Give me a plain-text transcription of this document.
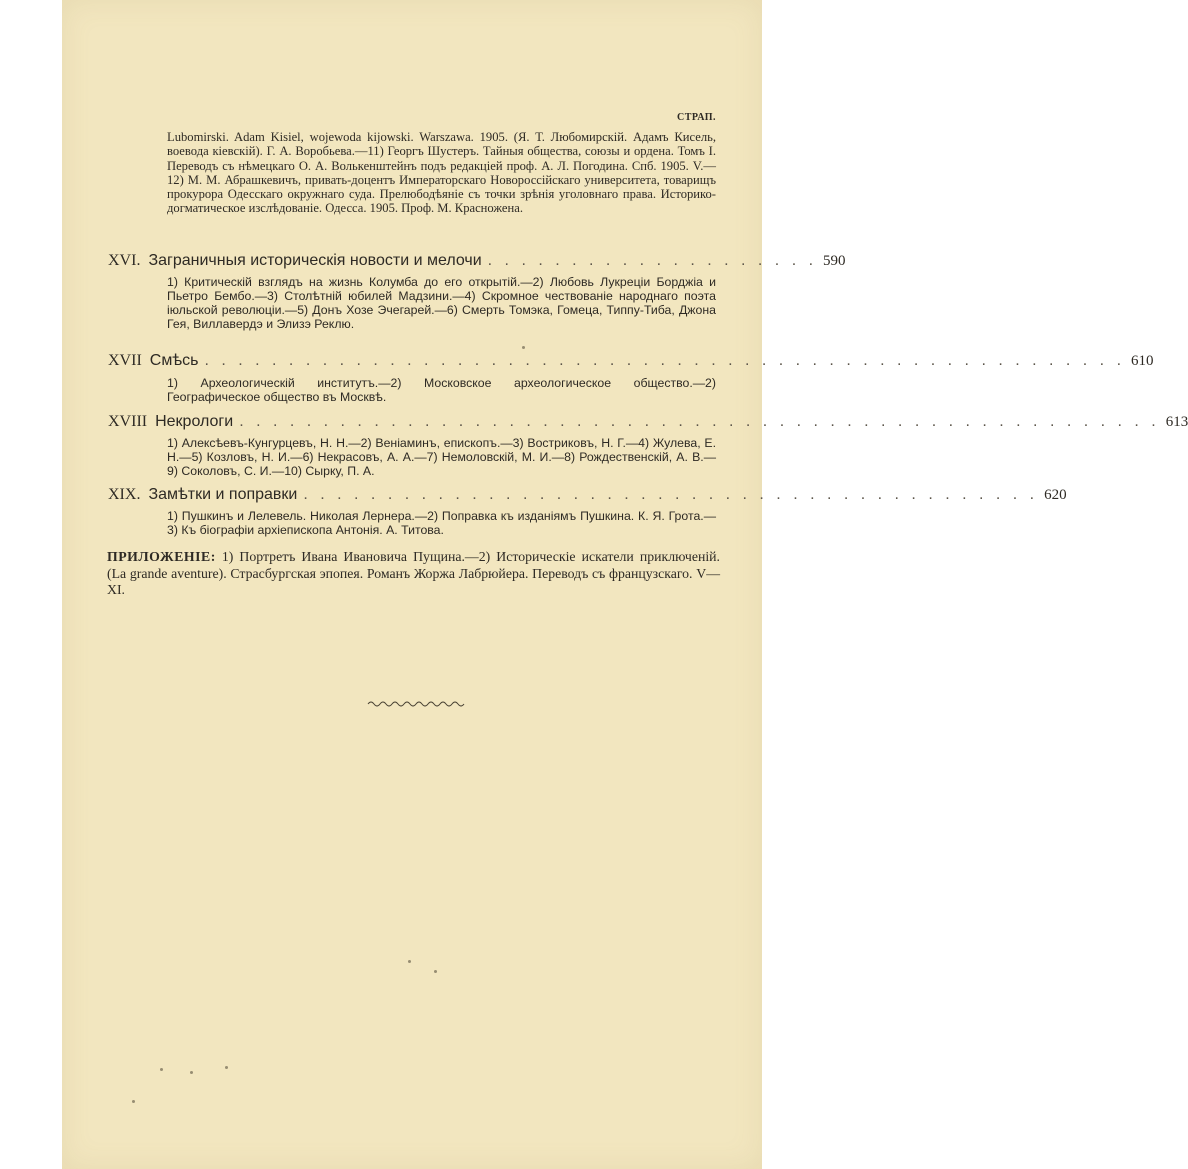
СТРАП.
Lubomirski. Adam Kisiel, wojewoda kijowski. Warszawa. 1905. (Я. Т. Любомирскій. Адамъ Кисель, воевода кіевскій). Г. А. Воробьева.—11) Георгъ Шустеръ. Тайныя общества, союзы и ордена. Томъ I. Переводъ съ нѣмецкаго О. А. Волькенштейнъ подъ редакціей проф. А. Л. Погодина. Спб. 1905. V.—12) М. М. Абрашкевичъ, привать-доцентъ Императорскаго Новороссійскаго университета, товарищъ прокурора Одесскаго окружнаго суда. Прелюбодѣяніе съ точки зрѣнія уголовнаго права. Историко-догматическое изслѣдованіе. Одесса. 1905. Проф. М. Красноженa.
XVI. Заграничныя историческія новости и мелочи . . . . . . . . . . . . . . . . . . . . 590
1) Критическій взглядъ на жизнь Колумба до его открытій.—2) Любовь Лукреціи Борджіа и Пьетро Бембо.—3) Столѣтній юбилей Мадзини.—4) Скромное чествованіе народнаго поэта іюльской революціи.—5) Донъ Хозе Эчегарей.—6) Смерть Томэка, Гомеца, Типпу-Тиба, Джона Гея, Виллавердэ и Элизэ Реклю.
XVII Смѣсь . . . . . . . . . . . . . . . . . . . . . . . . . . . . . . . . . . . . . . . . . . . . . . . . . . . . . . . 610
1) Археологическій институтъ.—2) Московское археологическое общество.—2) Географическое общество въ Москвѣ.
XVIII Некрологи . . . . . . . . . . . . . . . . . . . . . . . . . . . . . . . . . . . . . . . . . . . . . . . . . . . . . . . 613
1) Алексѣевъ-Кунгурцевъ, Н. Н.—2) Веніаминъ, епископъ.—3) Востриковъ, Н. Г.—4) Жулева, Е. Н.—5) Козловъ, Н. И.—6) Некрасовъ, А. А.—7) Немоловскій, М. И.—8) Рождественскій, А. В.—9) Соколовъ, С. И.—10) Сырку, П. А.
XIX. Замѣтки и поправки . . . . . . . . . . . . . . . . . . . . . . . . . . . . . . . . . . . . . . . . . . . . 620
1) Пушкинъ и Лелевель. Николая Лернера.—2) Поправка къ изданіямъ Пушкина. К. Я. Грота.—3) Къ біографіи архіепископа Антонія. А. Титова.
ПРИЛОЖЕНІЕ: 1) Портретъ Ивана Ивановича Пущина.—2) Историческіе искатели приключеній. (La grande aventure). Страсбургская эпопея. Романъ Жоржа Лабрюйера. Переводъ съ французскаго. V—XI.
